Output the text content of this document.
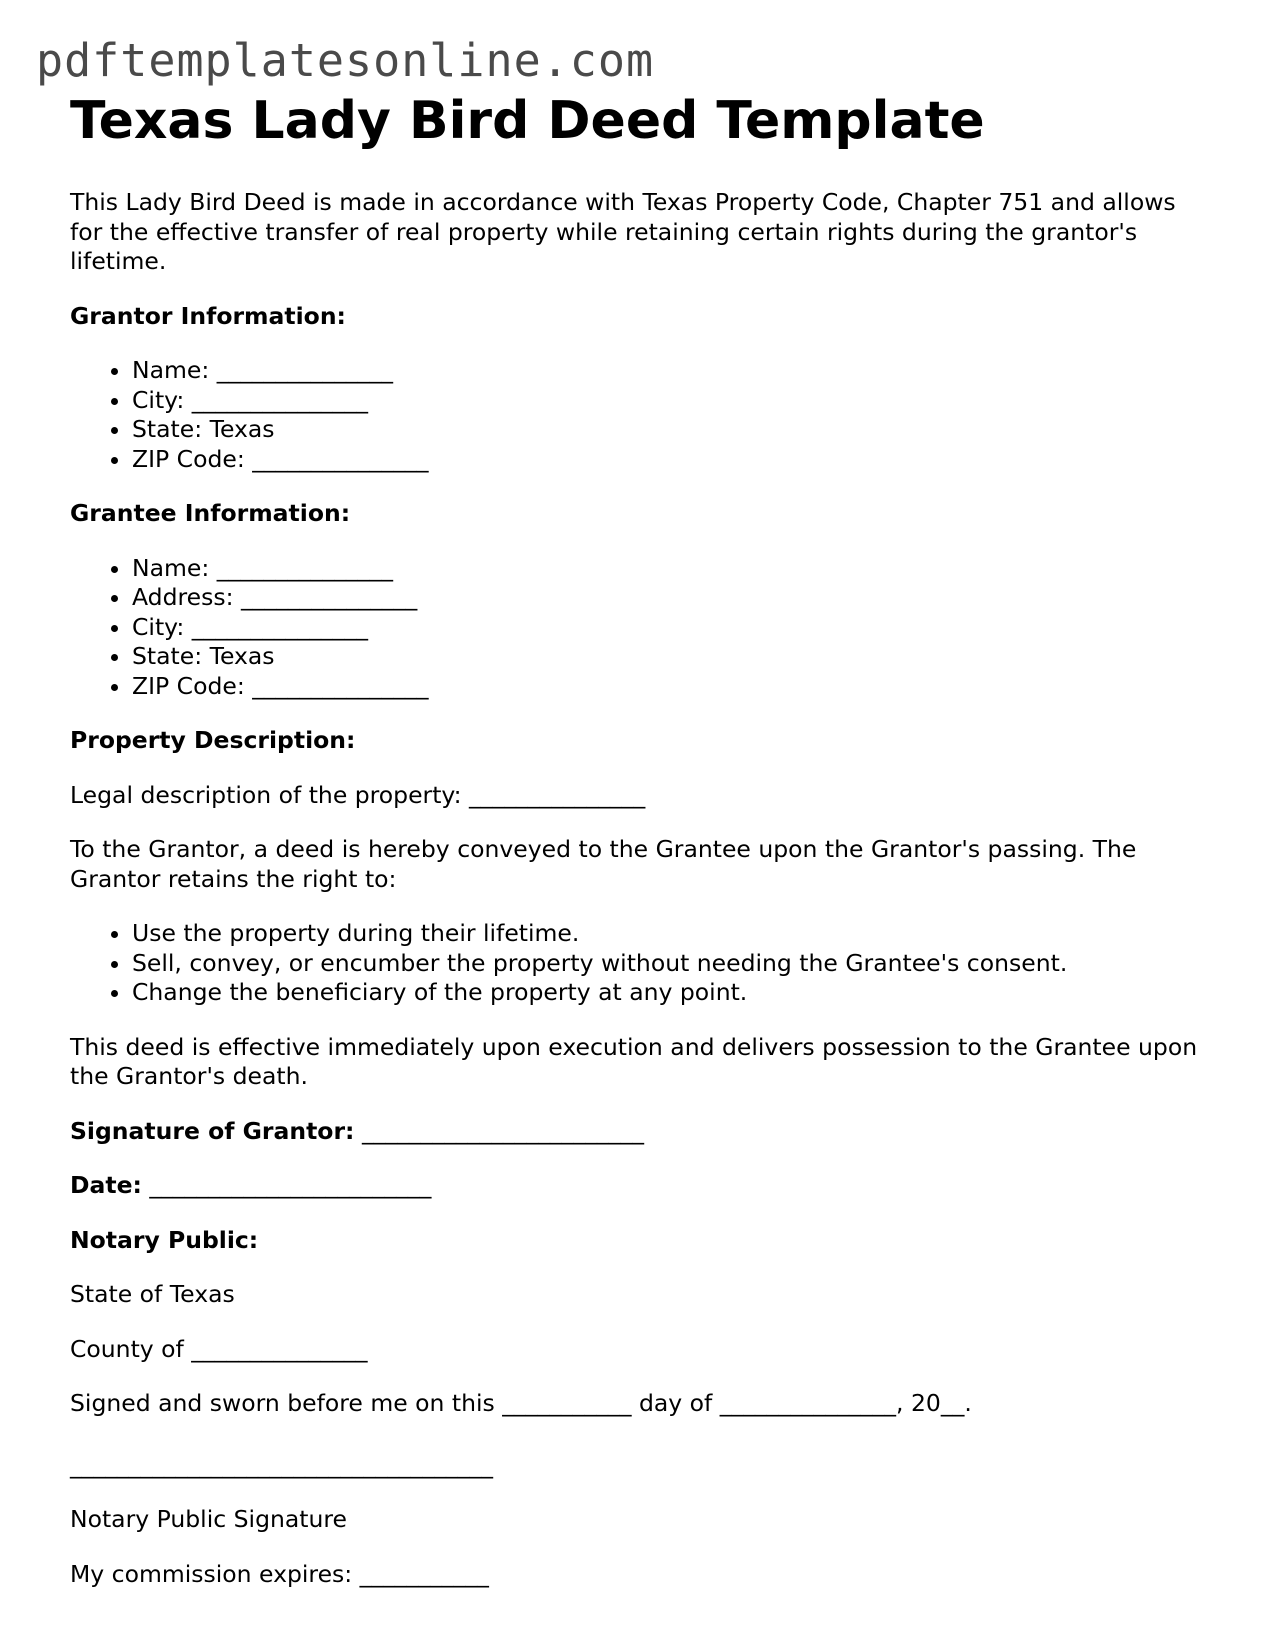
pdftemplatesonline.com
Texas Lady Bird Deed Template

This Lady Bird Deed is made in accordance with Texas Property Code, Chapter 751 and allows for the effective transfer of real property while retaining certain rights during the grantor's lifetime.

Grantor Information:

• Name: _______________
• City: _______________
• State: Texas
• ZIP Code: _______________

Grantee Information:

• Name: _______________
• Address: _______________
• City: _______________
• State: Texas
• ZIP Code: _______________

Property Description:

Legal description of the property: _______________

To the Grantor, a deed is hereby conveyed to the Grantee upon the Grantor's passing. The Grantor retains the right to:

• Use the property during their lifetime.
• Sell, convey, or encumber the property without needing the Grantee's consent.
• Change the beneficiary of the property at any point.

This deed is effective immediately upon execution and delivers possession to the Grantee upon the Grantor's death.

Signature of Grantor: ________________________

Date: ________________________

Notary Public:

State of Texas

County of _______________

Signed and sworn before me on this ___________ day of _______________, 20__.

____________________________________

Notary Public Signature

My commission expires: ___________
